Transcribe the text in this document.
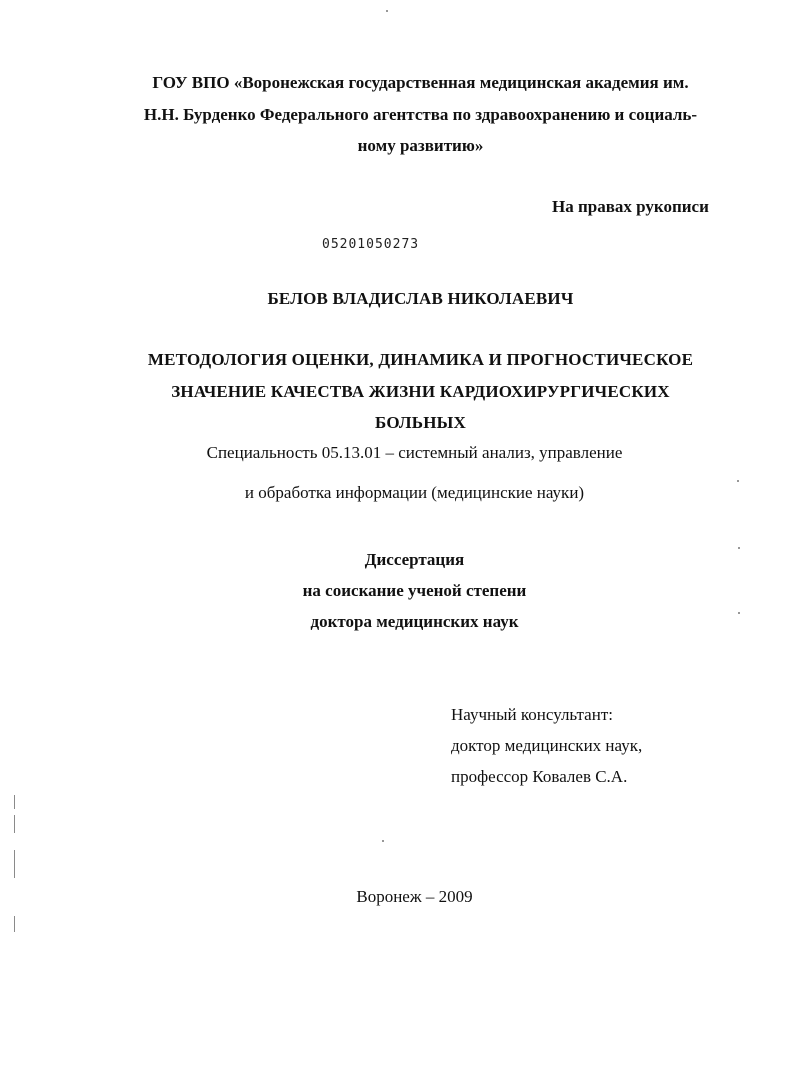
ГОУ ВПО «Воронежская государственная медицинская академия им.
Н.Н. Бурденко Федерального агентства по здравоохранению и социаль-
ному развитию»
На правах рукописи
05201050273
БЕЛОВ ВЛАДИСЛАВ НИКОЛАЕВИЧ
МЕТОДОЛОГИЯ ОЦЕНКИ, ДИНАМИКА И ПРОГНОСТИЧЕСКОЕ
ЗНАЧЕНИЕ КАЧЕСТВА ЖИЗНИ КАРДИОХИРУРГИЧЕСКИХ
БОЛЬНЫХ
Специальность 05.13.01 – системный анализ, управление
и обработка информации (медицинские науки)
Диссертация
на соискание ученой степени
доктора медицинских наук
Научный консультант:
доктор медицинских наук,
профессор Ковалев С.А.
Воронеж – 2009
